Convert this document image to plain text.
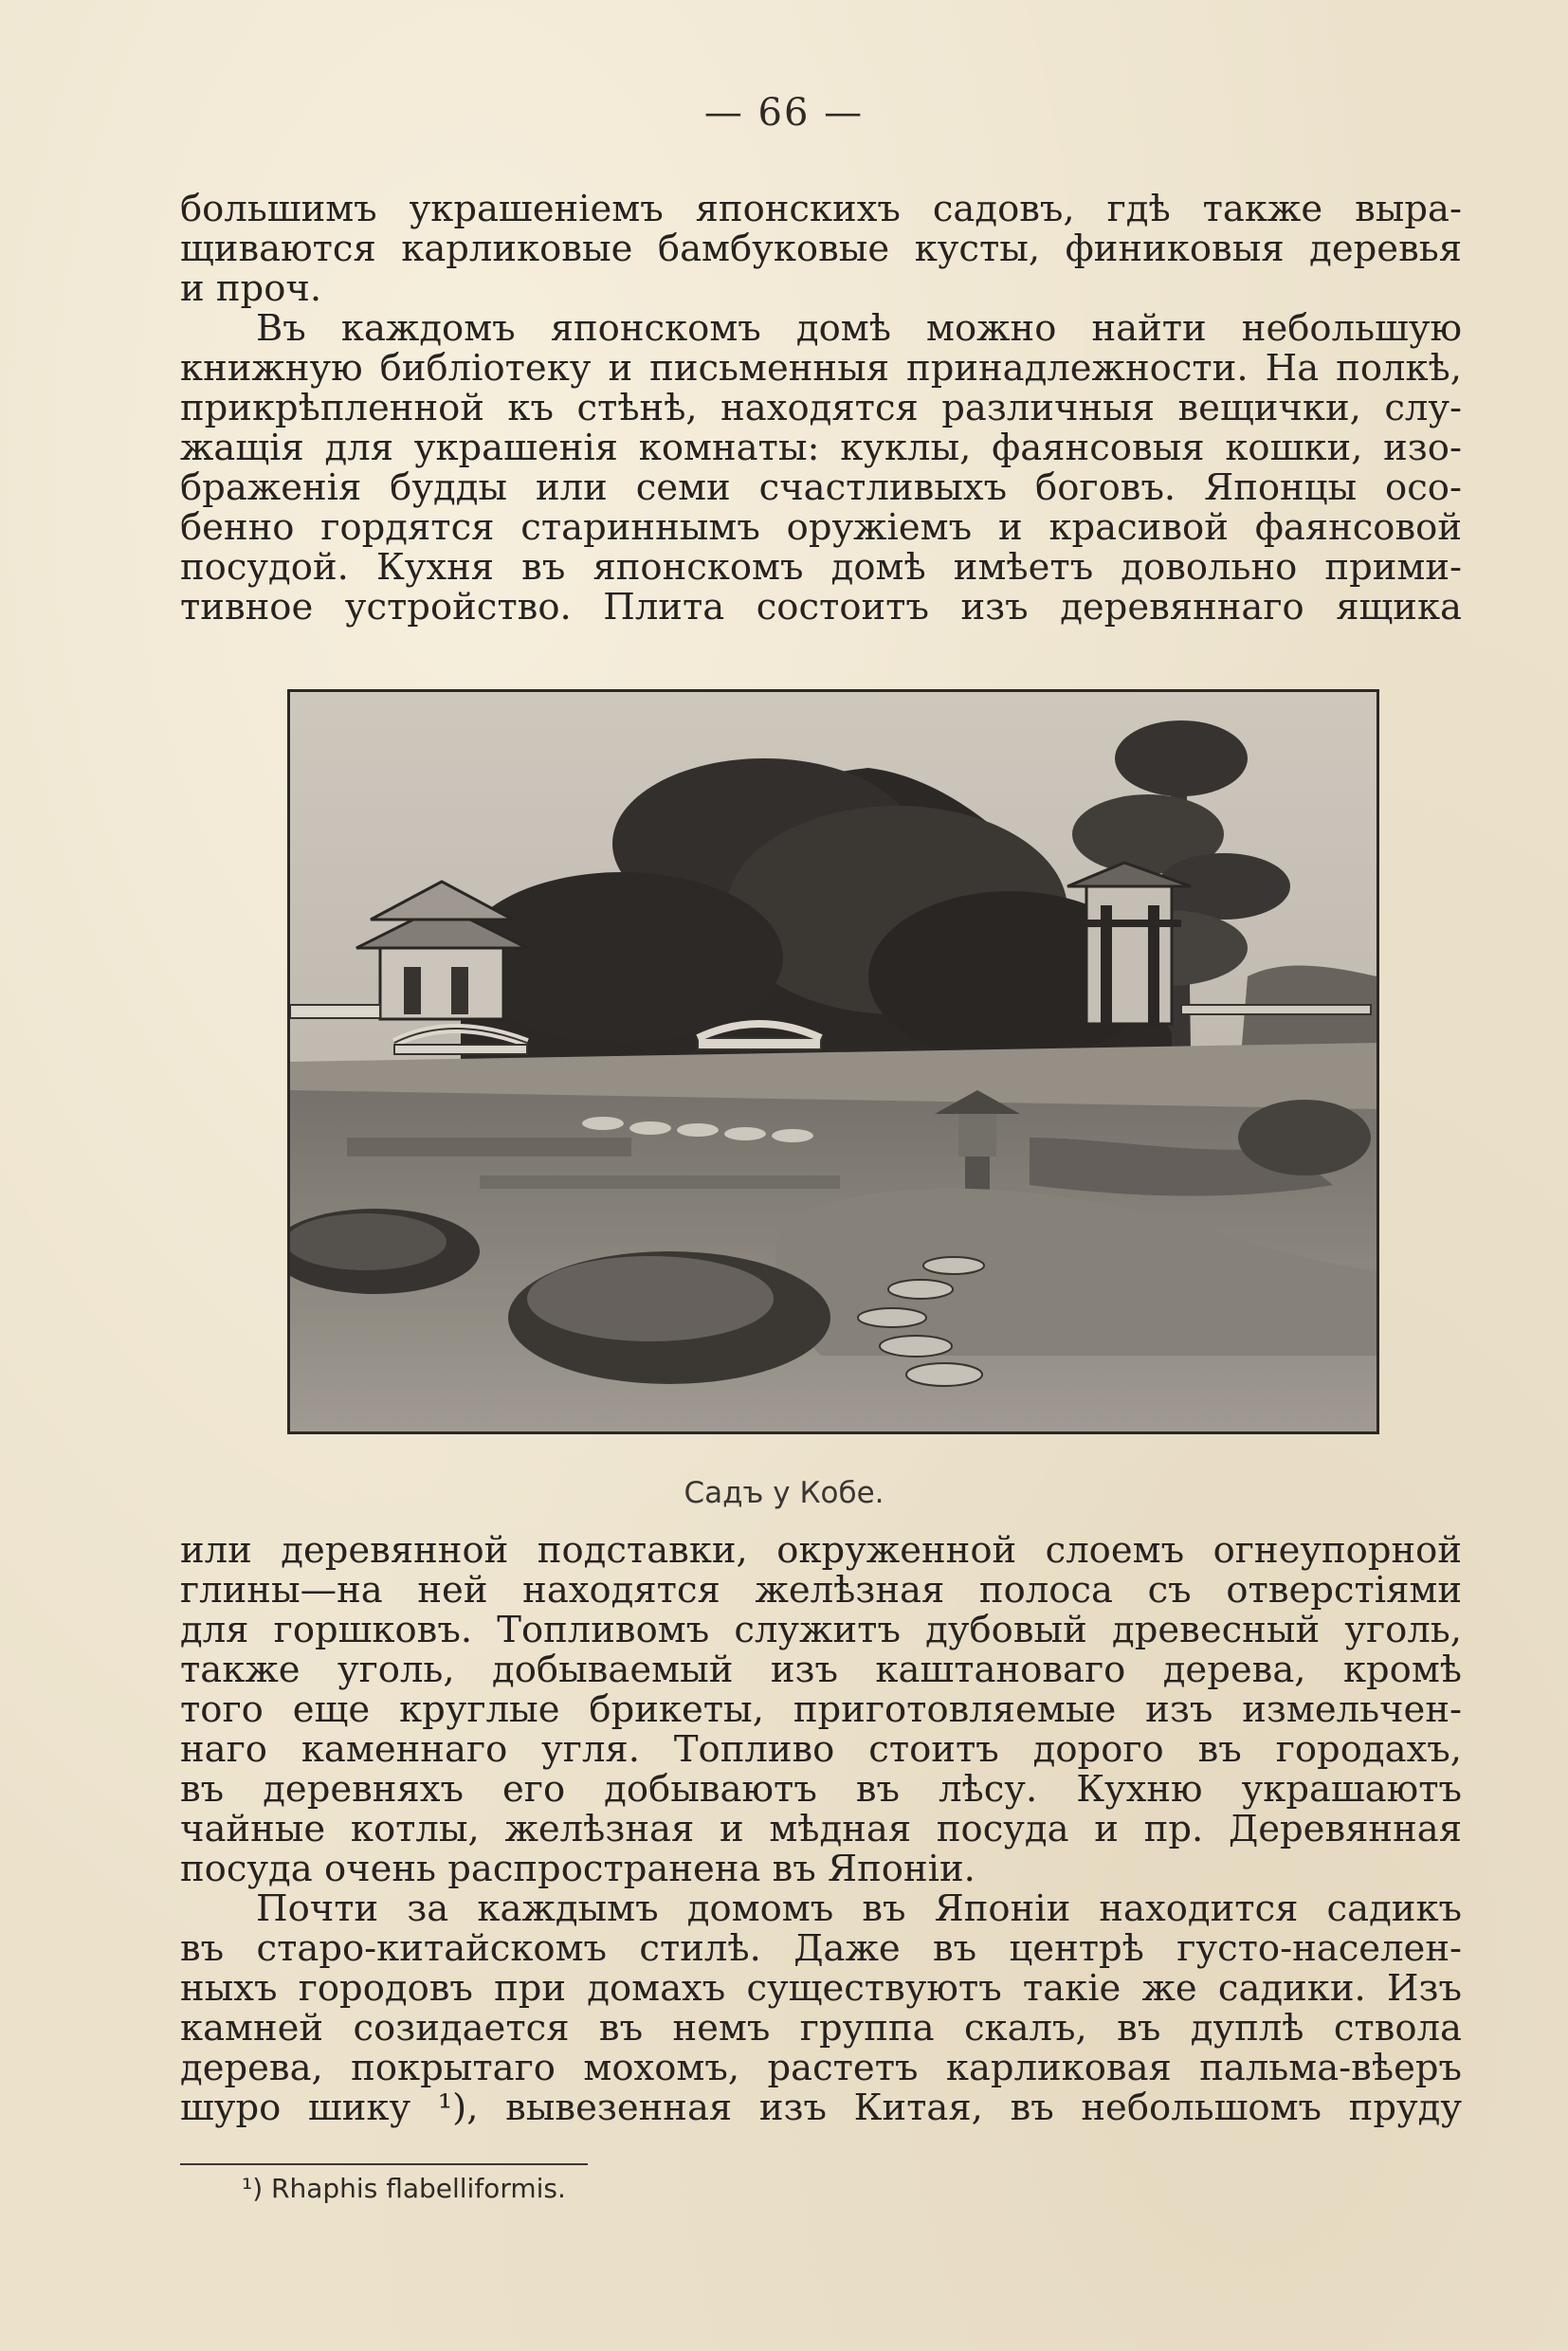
— 66 —
большимъ украшенiемъ японскихъ садовъ, гдѣ также выра-
щиваются карликовые бамбуковые кусты, финиковыя деревья
и проч.
Въ каждомъ японскомъ домѣ можно найти небольшую
книжную библiотеку и письменныя принадлежности. На полкѣ,
прикрѣпленной къ стѣнѣ, находятся различныя вещички, слу-
жащiя для украшенiя комнаты: куклы, фаянсовыя кошки, изо-
браженiя будды или семи счастливыхъ боговъ. Японцы осо-
бенно гордятся стариннымъ оружiемъ и красивой фаянсовой
посудой. Кухня въ японскомъ домѣ имѣетъ довольно прими-
тивное устройство. Плита состоитъ изъ деревяннаго ящика
Садъ у Кобе.
или деревянной подставки, окруженной слоемъ огнеупорной
глины—на ней находятся желѣзная полоса съ отверстiями
для горшковъ. Топливомъ служитъ дубовый древесный уголь,
также уголь, добываемый изъ каштановаго дерева, кромѣ
того еще круглые брикеты, приготовляемые изъ измельчен-
наго каменнаго угля. Топливо стоитъ дорого въ городахъ,
въ деревняхъ его добываютъ въ лѣсу. Кухню украшаютъ
чайные котлы, желѣзная и мѣдная посуда и пр. Деревянная
посуда очень распространена въ Японiи.
Почти за каждымъ домомъ въ Японiи находится садикъ
въ старо-китайскомъ стилѣ. Даже въ центрѣ густо-населен-
ныхъ городовъ при домахъ существуютъ такiе же садики. Изъ
камней созидается въ немъ группа скалъ, въ дуплѣ ствола
дерева, покрытаго мохомъ, растетъ карликовая пальма-вѣеръ
шуро шику ¹), вывезенная изъ Китая, въ небольшомъ пруду
¹) Rhaphis flabelliformis.
